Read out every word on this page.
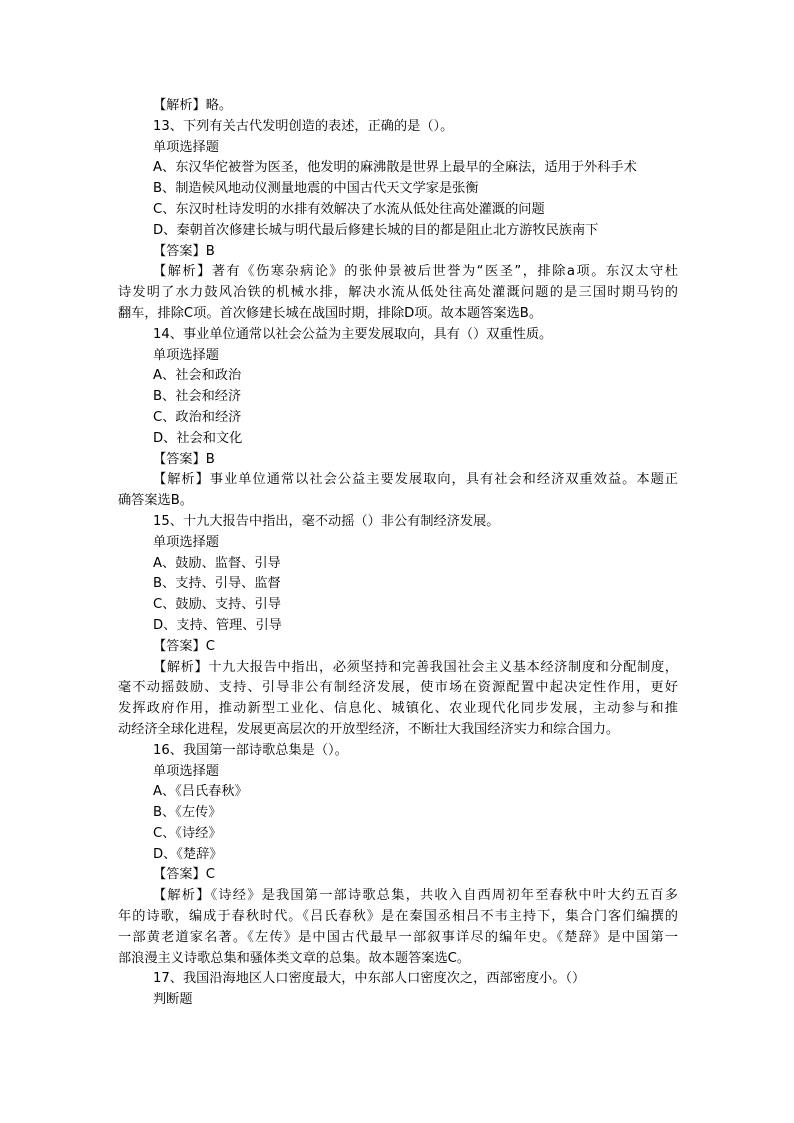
【解析】略。
13、下列有关古代发明创造的表述，正确的是（）。
单项选择题
A、东汉华佗被誉为医圣，他发明的麻沸散是世界上最早的全麻法，适用于外科手术
B、制造候风地动仪测量地震的中国古代天文学家是张衡
C、东汉时杜诗发明的水排有效解决了水流从低处往高处灌溉的问题
D、秦朝首次修建长城与明代最后修建长城的目的都是阻止北方游牧民族南下
【答案】B
【解析】著有《伤寒杂病论》的张仲景被后世誉为“医圣”，排除a项。东汉太守杜
诗发明了水力鼓风冶铁的机械水排，解决水流从低处往高处灌溉问题的是三国时期马钧的
翻车，排除C项。首次修建长城在战国时期，排除D项。故本题答案选B。
14、事业单位通常以社会公益为主要发展取向，具有（）双重性质。
单项选择题
A、社会和政治
B、社会和经济
C、政治和经济
D、社会和文化
【答案】B
【解析】事业单位通常以社会公益主要发展取向，具有社会和经济双重效益。本题正
确答案选B。
15、十九大报告中指出，毫不动摇（）非公有制经济发展。
单项选择题
A、鼓励、监督、引导
B、支持、引导、监督
C、鼓励、支持、引导
D、支持、管理、引导
【答案】C
【解析】十九大报告中指出，必须坚持和完善我国社会主义基本经济制度和分配制度，
毫不动摇鼓励、支持、引导非公有制经济发展，使市场在资源配置中起决定性作用，更好
发挥政府作用，推动新型工业化、信息化、城镇化、农业现代化同步发展，主动参与和推
动经济全球化进程，发展更高层次的开放型经济，不断壮大我国经济实力和综合国力。
16、我国第一部诗歌总集是（）。
单项选择题
A、《吕氏春秋》
B、《左传》
C、《诗经》
D、《楚辞》
【答案】C
【解析】《诗经》是我国第一部诗歌总集，共收入自西周初年至春秋中叶大约五百多
年的诗歌，编成于春秋时代。《吕氏春秋》是在秦国丞相吕不韦主持下，集合门客们编撰的
一部黄老道家名著。《左传》是中国古代最早一部叙事详尽的编年史。《楚辞》是中国第一
部浪漫主义诗歌总集和骚体类文章的总集。故本题答案选C。
17、我国沿海地区人口密度最大，中东部人口密度次之，西部密度小。（）
判断题
